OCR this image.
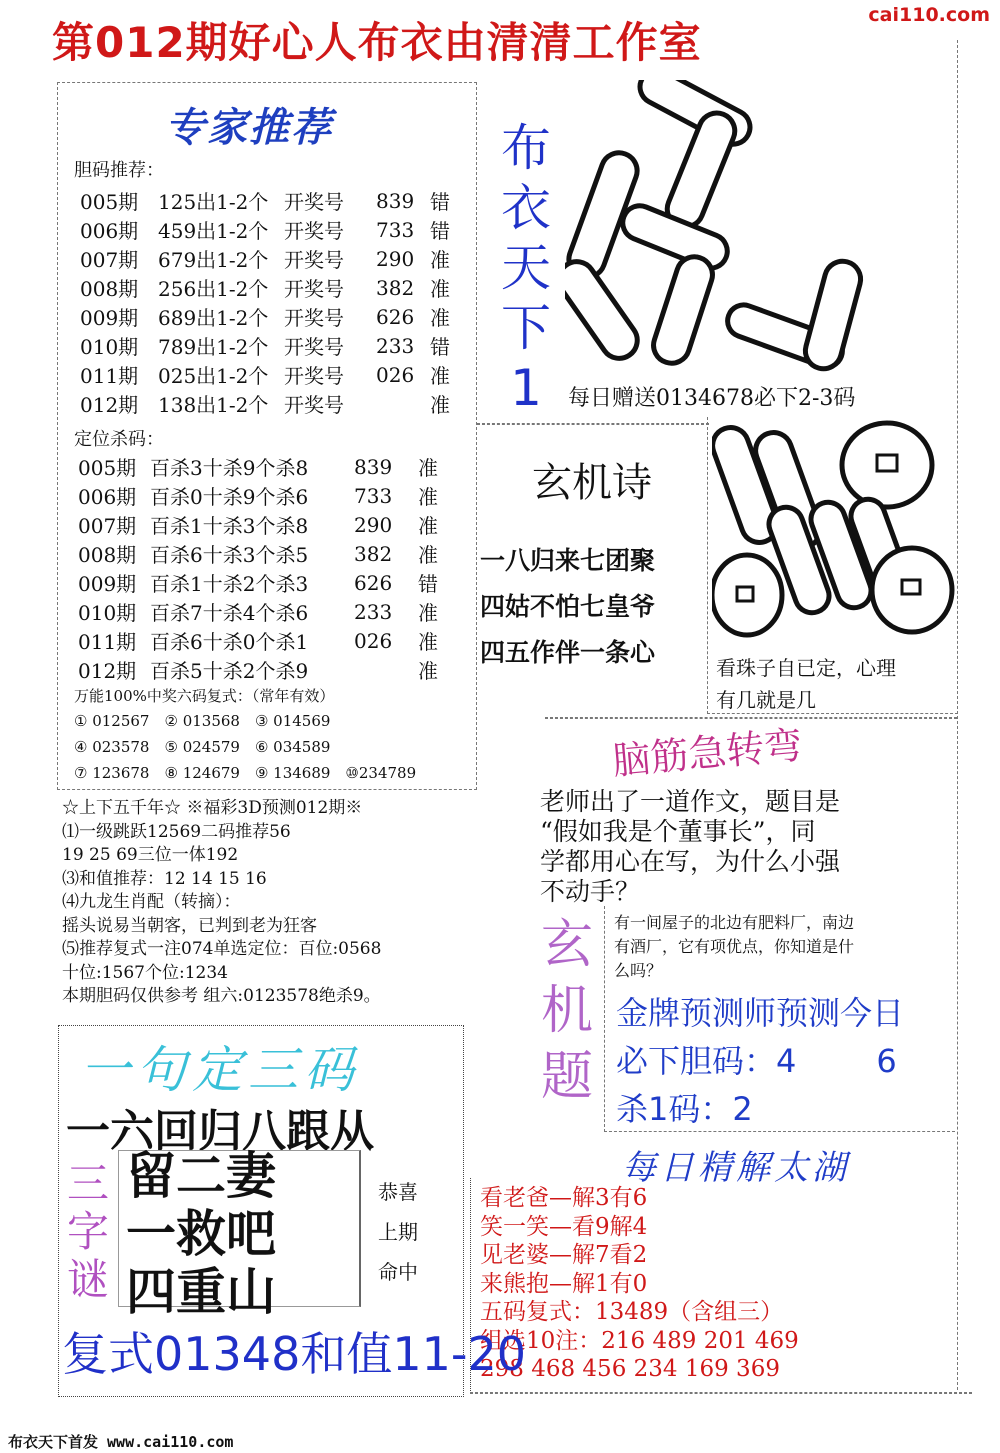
第012期好心人布衣由清清工作室
cai110.com
专家推荐
胆码推荐：
005期	125出1-2个	开奖号	839	错
006期	459出1-2个	开奖号	733	错
007期	679出1-2个	开奖号	290	准
008期	256出1-2个	开奖号	382	准
009期	689出1-2个	开奖号	626	准
010期	789出1-2个	开奖号	233	错
011期	025出1-2个	开奖号	026	准
012期	138出1-2个	开奖号		准
定位杀码：
005期	百杀3十杀9个杀8	839	准
006期	百杀0十杀9个杀6	733	准
007期	百杀1十杀3个杀8	290	准
008期	百杀6十杀3个杀5	382	准
009期	百杀1十杀2个杀3	626	错
010期	百杀7十杀4个杀6	233	准
011期	百杀6十杀0个杀1	026	准
012期	百杀5十杀2个杀9		准
万能100%中奖六码复式：（常年有效）
① 012567　② 013568　③ 014569
④ 023578　⑤ 024579　⑥ 034589
⑦ 123678　⑧ 124679　⑨ 134689　⑩234789
☆上下五千年☆ ※福彩3D预测012期※
⑴一级跳跃12569二码推荐56
19 25 69三位一体192
⑶和值推荐：12 14 15 16
⑷九龙生肖配（转摘）：
摇头说易当朝客，已判到老为狂客
⑸推荐复式一注074单选定位：百位:0568
十位:1567个位:1234
本期胆码仅供参考 组六:0123578绝杀9。
布
衣
天
下
1	每日赠送0134678必下2-3码
玄机诗
一八归来七团聚
四姑不怕七皇爷
四五作伴一条心
看珠子自已定，心理
有几就是几
脑筋急转弯
老师出了一道作文，题目是
“假如我是个董事长”，同
学都用心在写，为什么小强
不动手？
玄
机
题
有一间屋子的北边有肥料厂，南边
有酒厂，它有项优点，你知道是什
么吗？
金牌预测师预测今日
必下胆码：4	6
杀1码：2
每日精解太湖
看老爸—解3有6
笑一笑—看9解4
见老婆—解7看2
来熊抱—解1有0
五码复式：13489（含组三）
组选10注：216 489 201 469
298 468 456 234 169 369
一句定三码
一六回归八跟从
三
字
谜
留二妻
一救吧
四重山
恭喜
上期
命中
复式01348和值11-20
布衣天下首发 www.cai110.com
